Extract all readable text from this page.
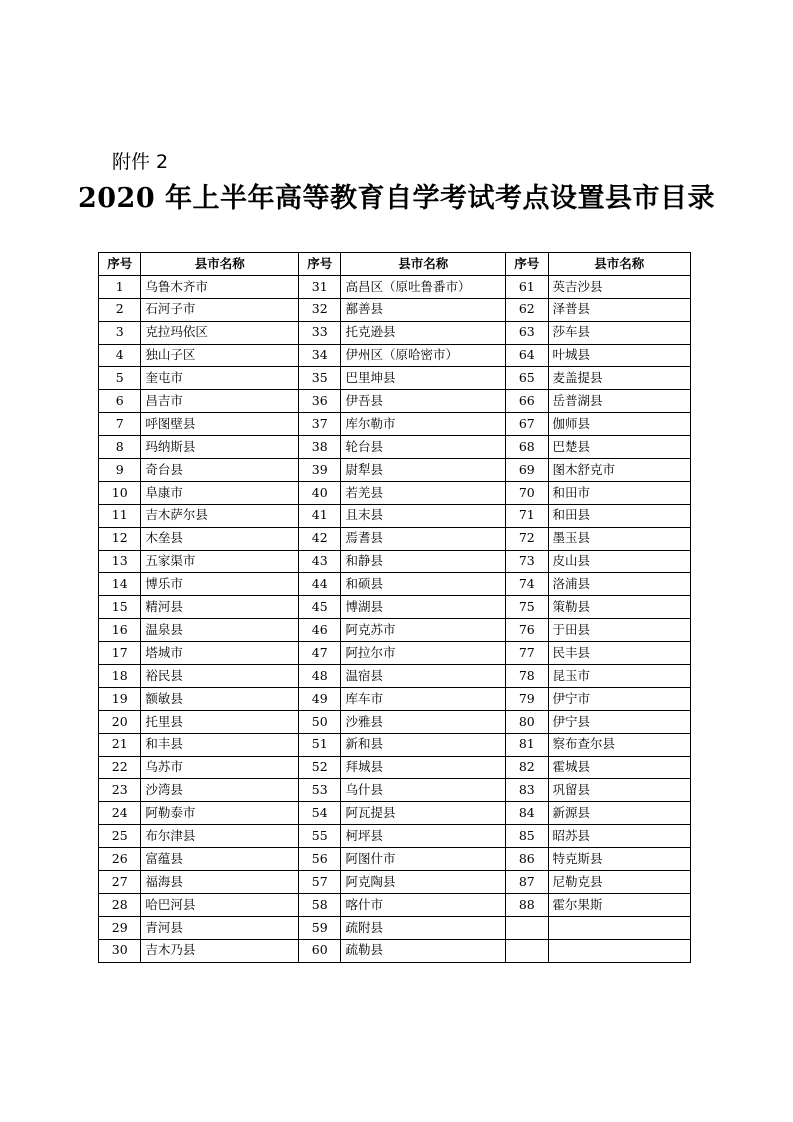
附件 2
2020 年上半年高等教育自学考试考点设置县市目录
序号	县市名称	序号	县市名称	序号	县市名称
1	乌鲁木齐市	31	高昌区（原吐鲁番市）	61	英吉沙县
2	石河子市	32	鄯善县	62	泽普县
3	克拉玛依区	33	托克逊县	63	莎车县
4	独山子区	34	伊州区（原哈密市）	64	叶城县
5	奎屯市	35	巴里坤县	65	麦盖提县
6	昌吉市	36	伊吾县	66	岳普湖县
7	呼图壁县	37	库尔勒市	67	伽师县
8	玛纳斯县	38	轮台县	68	巴楚县
9	奇台县	39	尉犁县	69	图木舒克市
10	阜康市	40	若羌县	70	和田市
11	吉木萨尔县	41	且末县	71	和田县
12	木垒县	42	焉耆县	72	墨玉县
13	五家渠市	43	和静县	73	皮山县
14	博乐市	44	和硕县	74	洛浦县
15	精河县	45	博湖县	75	策勒县
16	温泉县	46	阿克苏市	76	于田县
17	塔城市	47	阿拉尔市	77	民丰县
18	裕民县	48	温宿县	78	昆玉市
19	额敏县	49	库车市	79	伊宁市
20	托里县	50	沙雅县	80	伊宁县
21	和丰县	51	新和县	81	察布查尔县
22	乌苏市	52	拜城县	82	霍城县
23	沙湾县	53	乌什县	83	巩留县
24	阿勒泰市	54	阿瓦提县	84	新源县
25	布尔津县	55	柯坪县	85	昭苏县
26	富蕴县	56	阿图什市	86	特克斯县
27	福海县	57	阿克陶县	87	尼勒克县
28	哈巴河县	58	喀什市	88	霍尔果斯
29	青河县	59	疏附县		
30	吉木乃县	60	疏勒县		
